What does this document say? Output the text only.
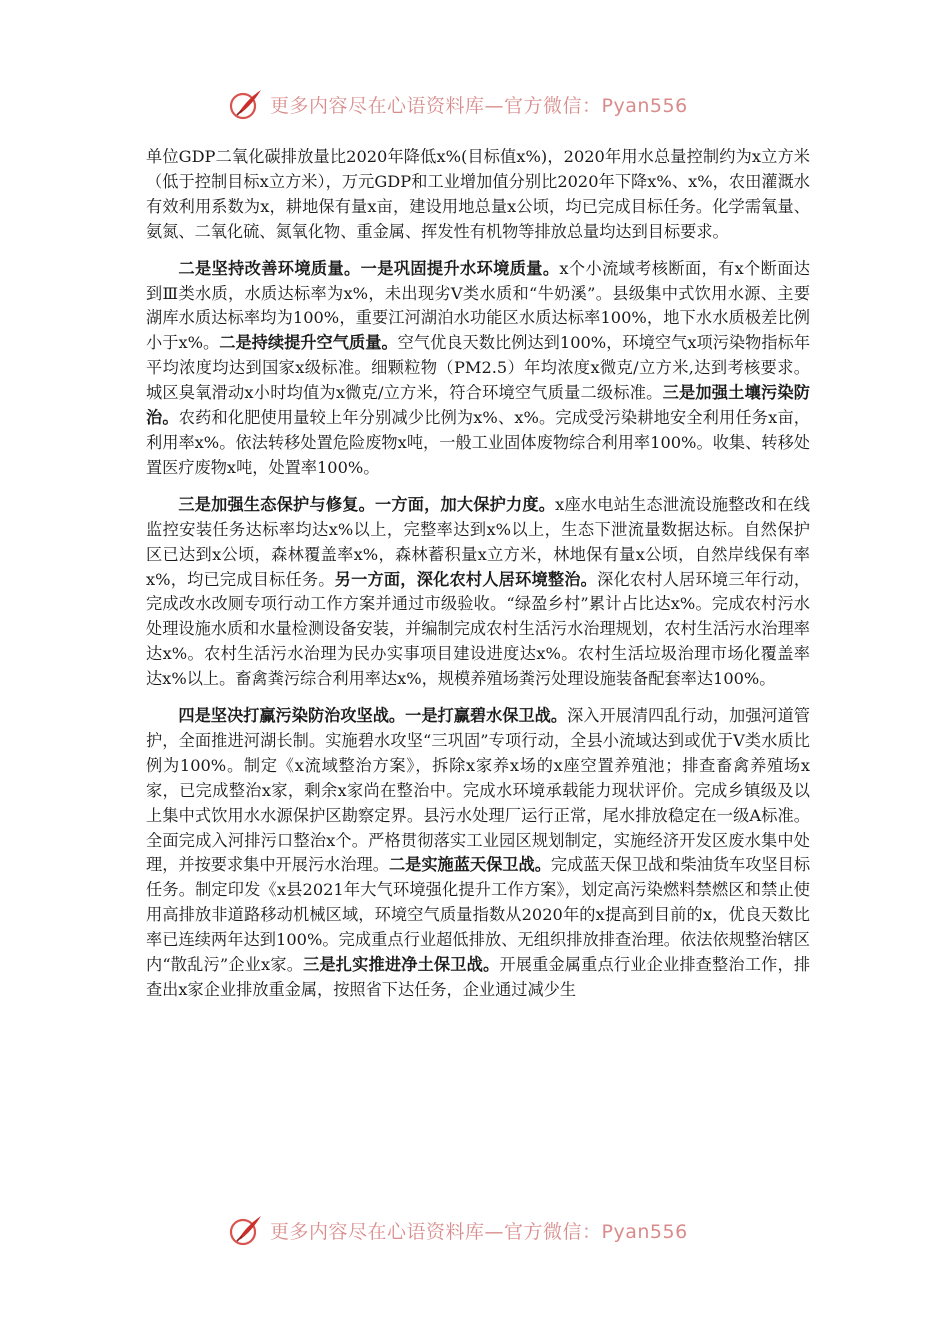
更多内容尽在心语资料库—官方微信：Pyan556

单位GDP二氧化碳排放量比2020年降低x%(目标值x%)，2020年用水总量控制约为x立方米（低于控制目标x立方米），万元GDP和工业增加值分别比2020年下降x%、x%，农田灌溉水有效利用系数为x，耕地保有量x亩，建设用地总量x公顷，均已完成目标任务。化学需氧量、氨氮、二氧化硫、氮氧化物、重金属、挥发性有机物等排放总量均达到目标要求。

二是坚持改善环境质量。一是巩固提升水环境质量。x个小流域考核断面，有x个断面达到Ⅲ类水质，水质达标率为x%，未出现劣Ⅴ类水质和“牛奶溪”。县级集中式饮用水源、主要湖库水质达标率均为100%，重要江河湖泊水功能区水质达标率100%，地下水水质极差比例小于x%。二是持续提升空气质量。空气优良天数比例达到100%，环境空气x项污染物指标年平均浓度均达到国家x级标准。细颗粒物（PM2.5）年均浓度x微克/立方米,达到考核要求。城区臭氧滑动x小时均值为x微克/立方米，符合环境空气质量二级标准。三是加强土壤污染防治。农药和化肥使用量较上年分别减少比例为x%、x%。完成受污染耕地安全利用任务x亩，利用率x%。依法转移处置危险废物x吨，一般工业固体废物综合利用率100%。收集、转移处置医疗废物x吨，处置率100%。

三是加强生态保护与修复。一方面，加大保护力度。x座水电站生态泄流设施整改和在线监控安装任务达标率均达x%以上，完整率达到x%以上，生态下泄流量数据达标。自然保护区已达到x公顷，森林覆盖率x%，森林蓄积量x立方米，林地保有量x公顷，自然岸线保有率x%，均已完成目标任务。另一方面，深化农村人居环境整治。深化农村人居环境三年行动，完成改水改厕专项行动工作方案并通过市级验收。“绿盈乡村”累计占比达x%。完成农村污水处理设施水质和水量检测设备安装，并编制完成农村生活污水治理规划，农村生活污水治理率达x%。农村生活污水治理为民办实事项目建设进度达x%。农村生活垃圾治理市场化覆盖率达x%以上。畜禽粪污综合利用率达x%，规模养殖场粪污处理设施装备配套率达100%。

四是坚决打赢污染防治攻坚战。一是打赢碧水保卫战。深入开展清四乱行动，加强河道管护，全面推进河湖长制。实施碧水攻坚“三巩固”专项行动，全县小流域达到或优于Ⅴ类水质比例为100%。制定《x流域整治方案》，拆除x家养x场的x座空置养殖池；排查畜禽养殖场x家，已完成整治x家，剩余x家尚在整治中。完成水环境承载能力现状评价。完成乡镇级及以上集中式饮用水水源保护区勘察定界。县污水处理厂运行正常，尾水排放稳定在一级A标准。全面完成入河排污口整治x个。严格贯彻落实工业园区规划制定，实施经济开发区废水集中处理，并按要求集中开展污水治理。二是实施蓝天保卫战。完成蓝天保卫战和柴油货车攻坚目标任务。制定印发《x县2021年大气环境强化提升工作方案》，划定高污染燃料禁燃区和禁止使用高排放非道路移动机械区域，环境空气质量指数从2020年的x提高到目前的x，优良天数比率已连续两年达到100%。完成重点行业超低排放、无组织排放排查治理。依法依规整治辖区内“散乱污”企业x家。三是扎实推进净土保卫战。开展重金属重点行业企业排查整治工作，排查出x家企业排放重金属，按照省下达任务，企业通过减少生

更多内容尽在心语资料库—官方微信：Pyan556
